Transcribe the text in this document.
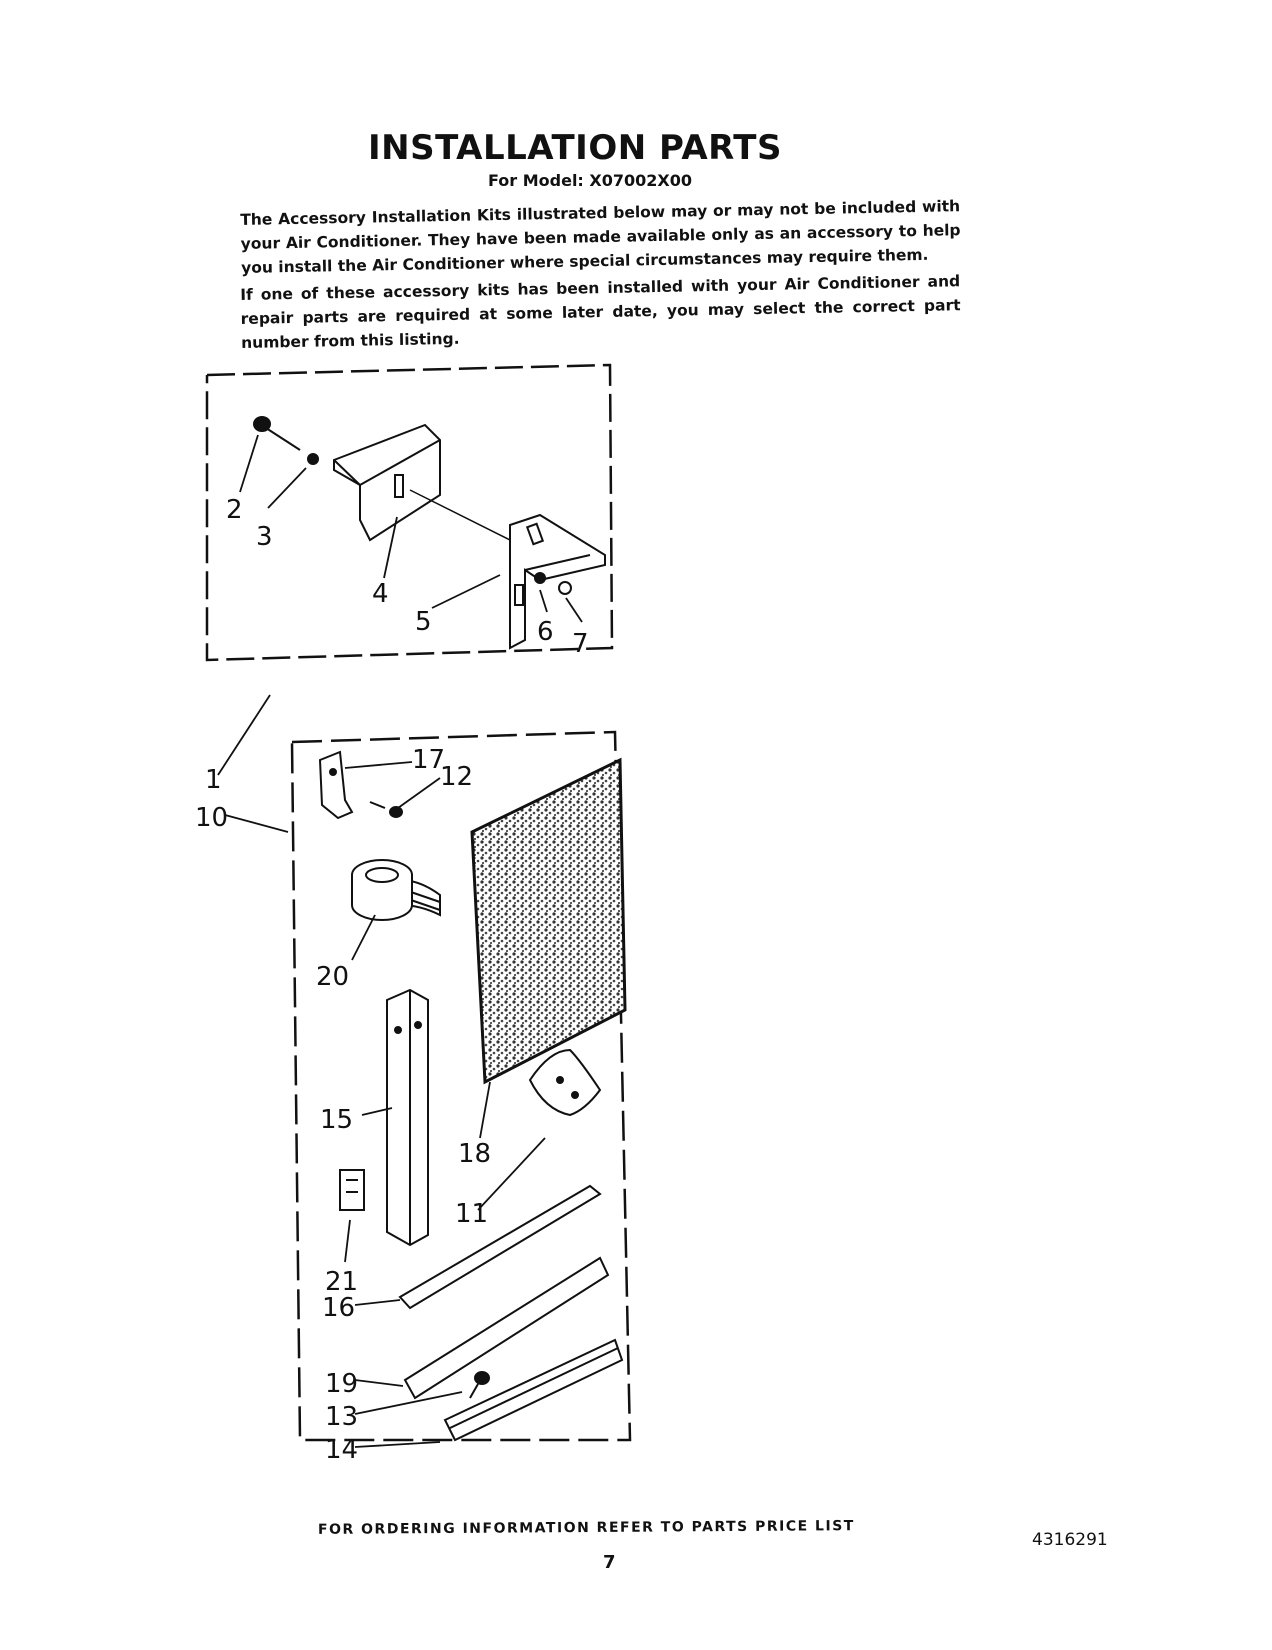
INSTALLATION PARTS
For Model: X07002X00
The Accessory Installation Kits illustrated below may or may not be included with your Air Conditioner. They have been made available only as an accessory to help you install the Air Conditioner where special circumstances may require them.
If one of these accessory kits has been installed with your Air Conditioner and repair parts are required at some later date, you may select the correct part number from this listing.
1
2
3
4
5	6 7
10
11
12
13
14
15
16
17
18
19
20
21
FOR ORDERING INFORMATION REFER TO PARTS PRICE LIST
7
4316291
